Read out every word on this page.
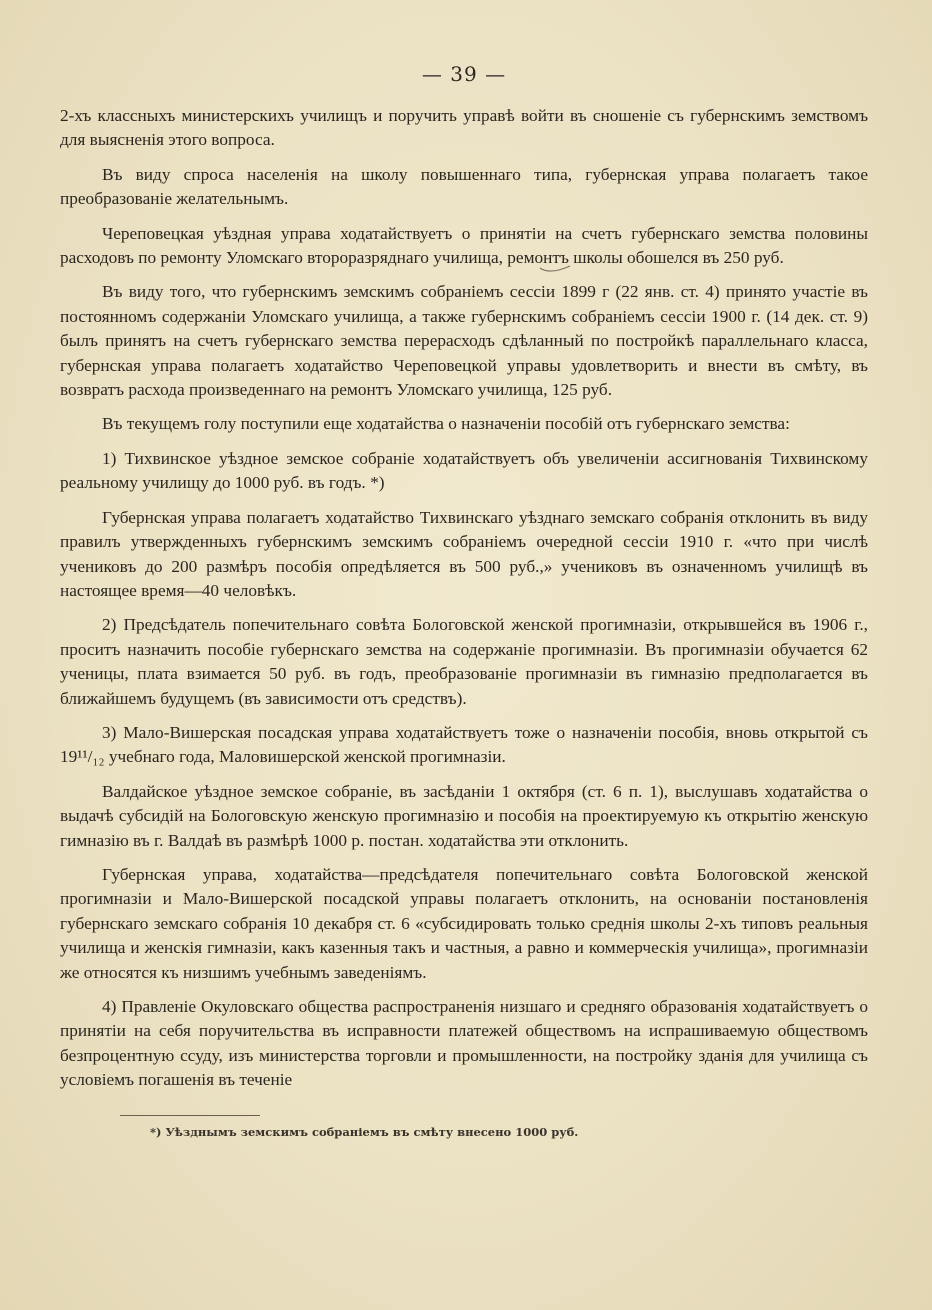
— 39 —

2-хъ классныхъ министерскихъ училищъ и поручить управѣ войти въ сношеніе съ губернскимъ земствомъ для выясненія этого вопроса.

Въ виду спроса населенія на школу повышеннаго типа, губернская управа полагаетъ такое преобразованіе желательнымъ.

Череповецкая уѣздная управа ходатайствуетъ о принятіи на счетъ губернскаго земства половины расходовъ по ремонту Уломскаго второразряднаго училища, ремонтъ школы обошелся въ 250 руб.

Въ виду того, что губернскимъ земскимъ собраніемъ сессіи 1899 г (22 янв. ст. 4) принято участіе въ постоянномъ содержаніи Уломскаго училища, а также губернскимъ собраніемъ сессіи 1900 г. (14 дек. ст. 9) былъ принятъ на счетъ губернскаго земства перерасходъ сдѣланный по постройкѣ параллельнаго класса, губернская управа полагаетъ ходатайство Череповецкой управы удовлетворить и внести въ смѣту, въ возвратъ расхода произведеннаго на ремонтъ Уломскаго училища, 125 руб.

Въ текущемъ голу поступили еще ходатайства о назначеніи пособій отъ губернскаго земства:

1) Тихвинское уѣздное земское собраніе ходатайствуетъ объ увеличеніи ассигнованія Тихвинскому реальному училищу до 1000 руб. въ годъ. *)

Губернская управа полагаетъ ходатайство Тихвинскаго уѣзднаго земскаго собранія отклонить въ виду правилъ утвержденныхъ губернскимъ земскимъ собраніемъ очередной сессіи 1910 г. «что при числѣ учениковъ до 200 размѣръ пособія опредѣляется въ 500 руб.,» учениковъ въ означенномъ училищѣ въ настоящее время—40 человѣкъ.

2) Предсѣдатель попечительнаго совѣта Бологовской женской прогимназіи, открывшейся въ 1906 г., проситъ назначить пособіе губернскаго земства на содержаніе прогимназіи. Въ прогимназіи обучается 62 ученицы, плата взимается 50 руб. въ годъ, преобразованіе прогимназіи въ гимназію предполагается въ ближайшемъ будущемъ (въ зависимости отъ средствъ).

3) Мало-Вишерская посадская управа ходатайствуетъ тоже о назначеніи пособія, вновь открытой съ 19¹¹/₁₂ учебнаго года, Маловишерской женской прогимназіи.

Валдайское уѣздное земское собраніе, въ засѣданіи 1 октября (ст. 6 п. 1), выслушавъ ходатайства о выдачѣ субсидій на Бологовскую женскую прогимназію и пособія на проектируемую къ открытію женскую гимназію въ г. Валдаѣ въ размѣрѣ 1000 р. постан. ходатайства эти отклонить.

Губернская управа, ходатайства—предсѣдателя попечительнаго совѣта Бологовской женской прогимназіи и Мало-Вишерской посадской управы полагаетъ отклонить, на основаніи постановленія губернскаго земскаго собранія 10 декабря ст. 6 «субсидировать только среднія школы 2-хъ типовъ реальныя училища и женскія гимназіи, какъ казенныя такъ и частныя, а равно и коммерческія училища», прогимназіи же относятся къ низшимъ учебнымъ заведеніямъ.

4) Правленіе Окуловскаго общества распространенія низшаго и средняго образованія ходатайствуетъ о принятіи на себя поручительства въ исправности платежей обществомъ на испрашиваемую обществомъ безпроцентную ссуду, изъ министерства торговли и промышленности, на постройку зданія для училища съ условіемъ погашенія въ теченіе

*) Уѣзднымъ земскимъ собраніемъ въ смѣту внесено 1000 руб.
